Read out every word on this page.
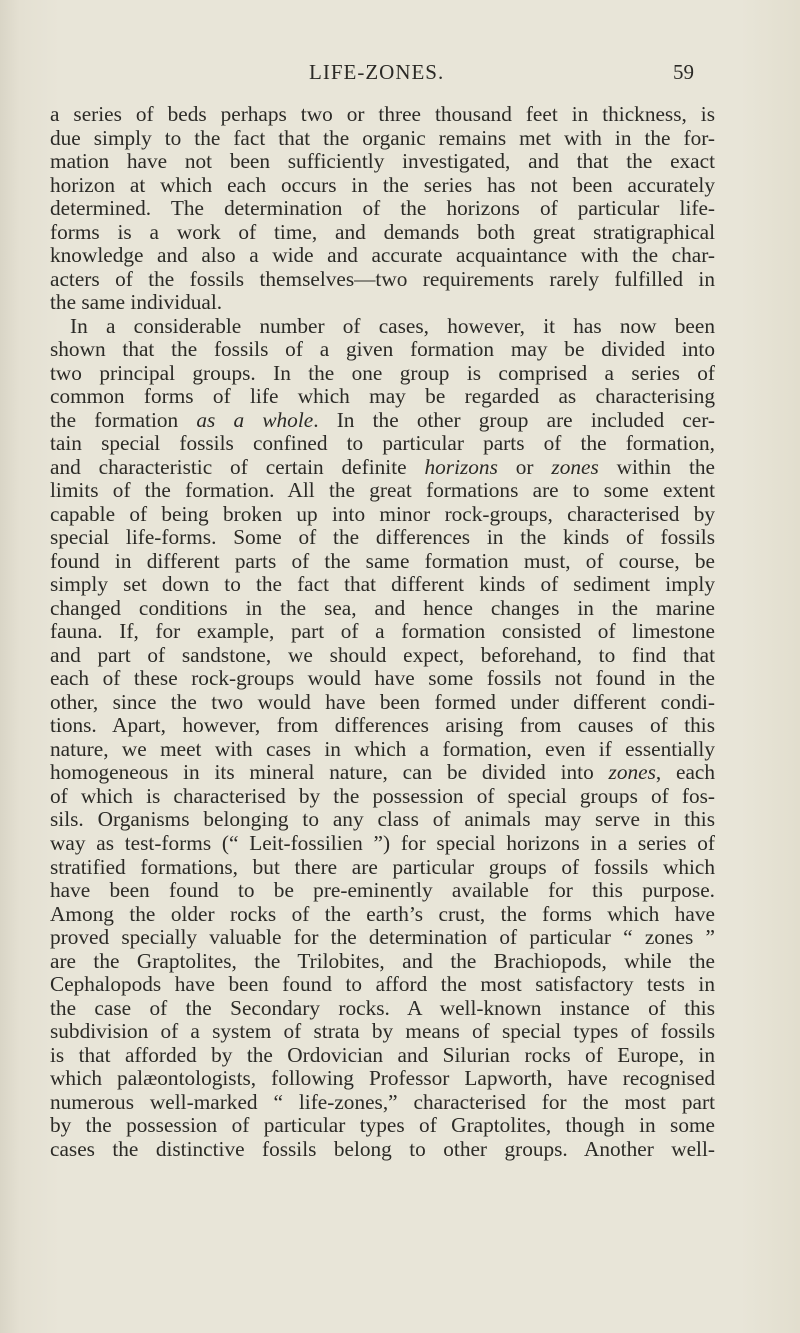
LIFE-ZONES.	59
a series of beds perhaps two or three thousand feet in thickness, is
due simply to the fact that the organic remains met with in the for-
mation have not been sufficiently investigated, and that the exact
horizon at which each occurs in the series has not been accurately
determined. The determination of the horizons of particular life-
forms is a work of time, and demands both great stratigraphical
knowledge and also a wide and accurate acquaintance with the char-
acters of the fossils themselves—two requirements rarely fulfilled in
the same individual.
In a considerable number of cases, however, it has now been
shown that the fossils of a given formation may be divided into
two principal groups. In the one group is comprised a series of
common forms of life which may be regarded as characterising
the formation as a whole. In the other group are included cer-
tain special fossils confined to particular parts of the formation,
and characteristic of certain definite horizons or zones within the
limits of the formation. All the great formations are to some extent
capable of being broken up into minor rock-groups, characterised by
special life-forms. Some of the differences in the kinds of fossils
found in different parts of the same formation must, of course, be
simply set down to the fact that different kinds of sediment imply
changed conditions in the sea, and hence changes in the marine
fauna. If, for example, part of a formation consisted of limestone
and part of sandstone, we should expect, beforehand, to find that
each of these rock-groups would have some fossils not found in the
other, since the two would have been formed under different condi-
tions. Apart, however, from differences arising from causes of this
nature, we meet with cases in which a formation, even if essentially
homogeneous in its mineral nature, can be divided into zones, each
of which is characterised by the possession of special groups of fos-
sils. Organisms belonging to any class of animals may serve in this
way as test-forms (“ Leit-fossilien ”) for special horizons in a series of
stratified formations, but there are particular groups of fossils which
have been found to be pre-eminently available for this purpose.
Among the older rocks of the earth’s crust, the forms which have
proved specially valuable for the determination of particular “ zones ”
are the Graptolites, the Trilobites, and the Brachiopods, while the
Cephalopods have been found to afford the most satisfactory tests in
the case of the Secondary rocks. A well-known instance of this
subdivision of a system of strata by means of special types of fossils
is that afforded by the Ordovician and Silurian rocks of Europe, in
which palæontologists, following Professor Lapworth, have recognised
numerous well-marked “ life-zones,” characterised for the most part
by the possession of particular types of Graptolites, though in some
cases the distinctive fossils belong to other groups. Another well-
